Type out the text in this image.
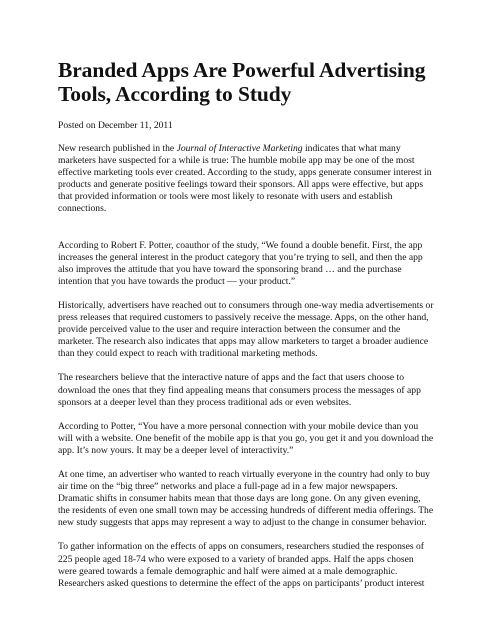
Branded Apps Are Powerful Advertising Tools, According to Study
Posted on December 11, 2011

New research published in the Journal of Interactive Marketing indicates that what many marketers have suspected for a while is true: The humble mobile app may be one of the most effective marketing tools ever created. According to the study, apps generate consumer interest in products and generate positive feelings toward their sponsors. All apps were effective, but apps that provided information or tools were most likely to resonate with users and establish connections.

According to Robert F. Potter, coauthor of the study, “We found a double benefit. First, the app increases the general interest in the product category that you’re trying to sell, and then the app also improves the attitude that you have toward the sponsoring brand … and the purchase intention that you have towards the product — your product.”

Historically, advertisers have reached out to consumers through one-way media advertisements or press releases that required customers to passively receive the message. Apps, on the other hand, provide perceived value to the user and require interaction between the consumer and the marketer. The research also indicates that apps may allow marketers to target a broader audience than they could expect to reach with traditional marketing methods.

The researchers believe that the interactive nature of apps and the fact that users choose to download the ones that they find appealing means that consumers process the messages of app sponsors at a deeper level than they process traditional ads or even websites.

According to Potter, “You have a more personal connection with your mobile device than you will with a website. One benefit of the mobile app is that you go, you get it and you download the app. It’s now yours. It may be a deeper level of interactivity.”

At one time, an advertiser who wanted to reach virtually everyone in the country had only to buy air time on the “big three” networks and place a full-page ad in a few major newspapers. Dramatic shifts in consumer habits mean that those days are long gone. On any given evening, the residents of even one small town may be accessing hundreds of different media offerings. The new study suggests that apps may represent a way to adjust to the change in consumer behavior.

To gather information on the effects of apps on consumers, researchers studied the responses of 225 people aged 18-74 who were exposed to a variety of branded apps. Half the apps chosen were geared towards a female demographic and half were aimed at a male demographic. Researchers asked questions to determine the effect of the apps on participants’ product interest
